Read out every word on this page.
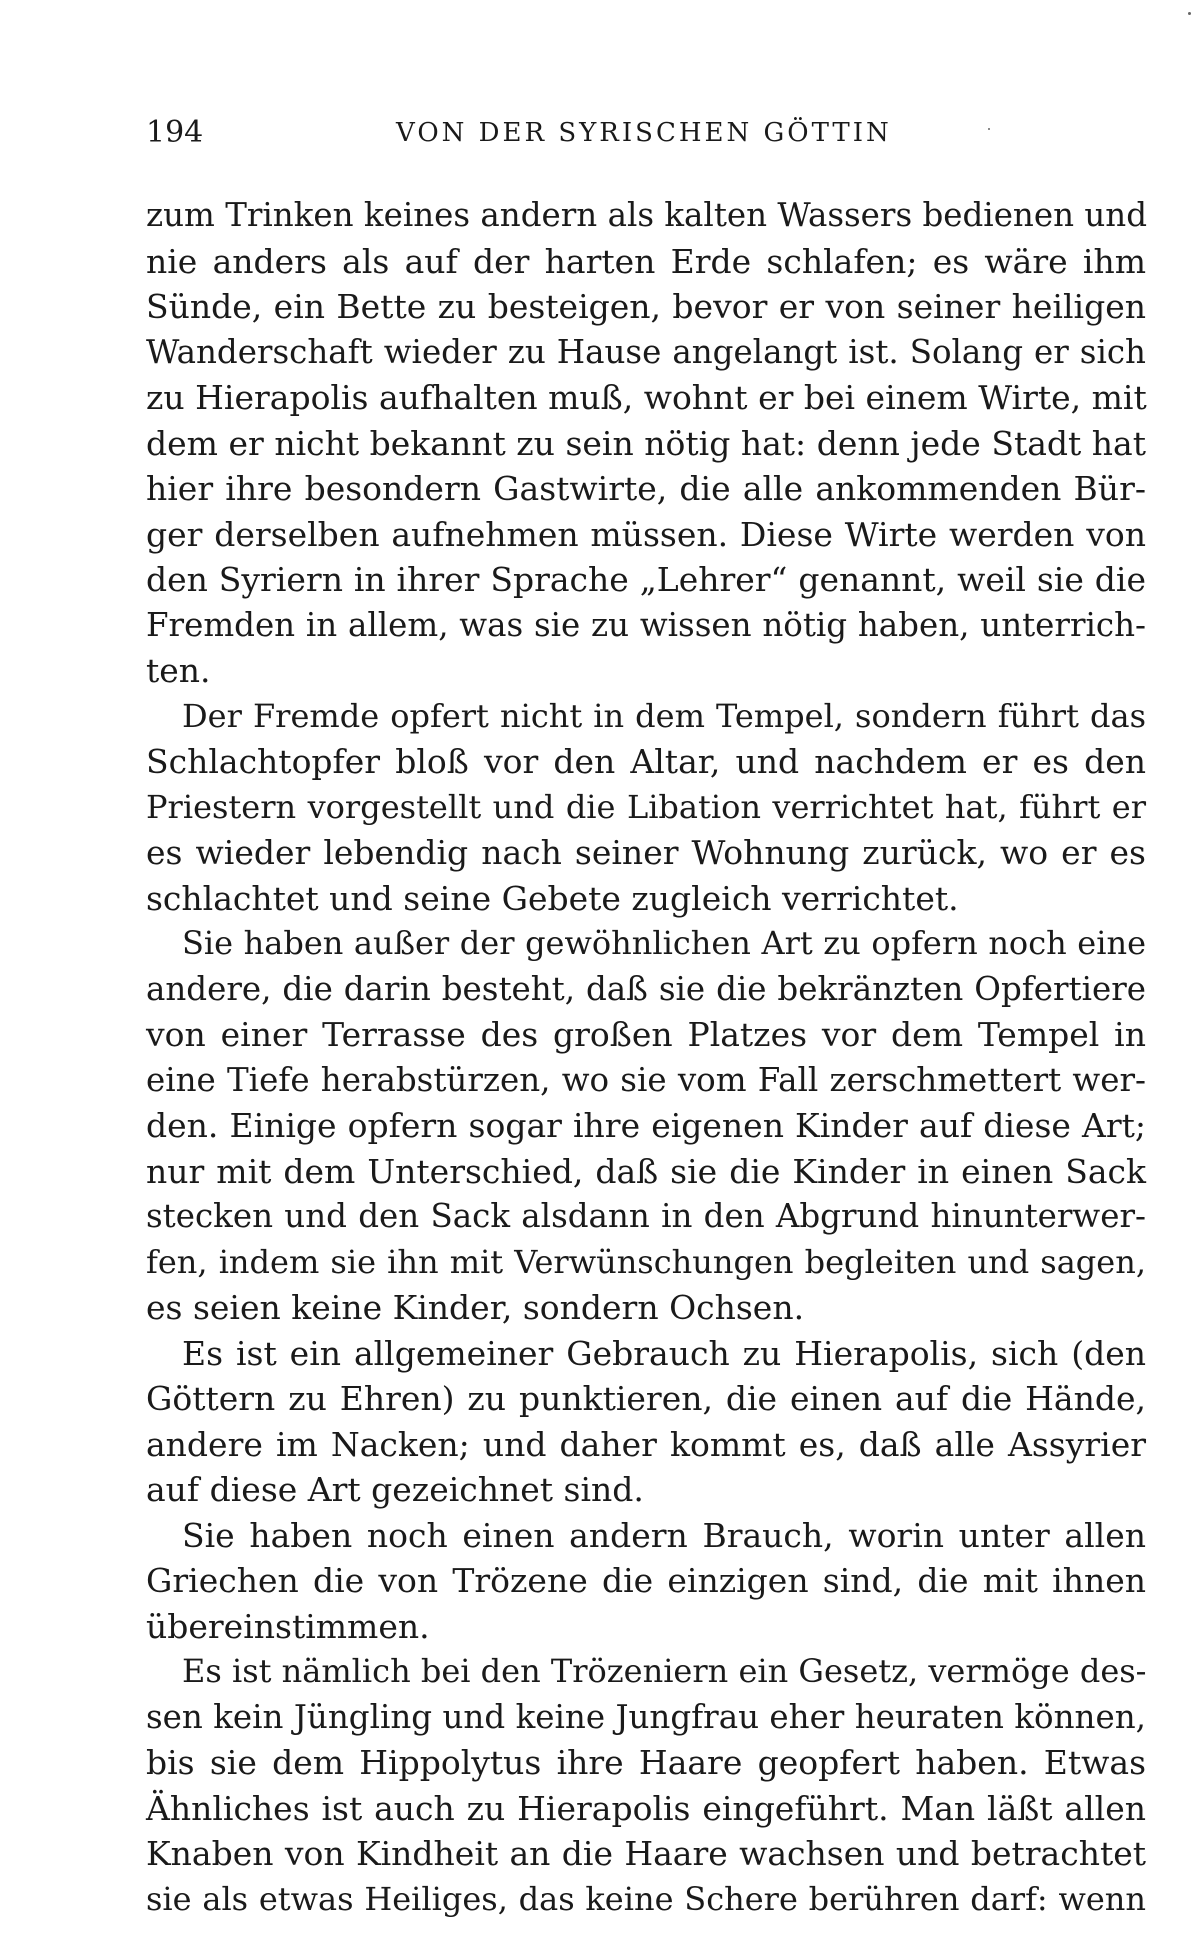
194	VON DER SYRISCHEN GÖTTIN
zum Trinken keines andern als kalten Wassers bedienen und
nie anders als auf der harten Erde schlafen; es wäre ihm
Sünde, ein Bette zu besteigen, bevor er von seiner heiligen
Wanderschaft wieder zu Hause angelangt ist. Solang er sich
zu Hierapolis aufhalten muß, wohnt er bei einem Wirte, mit
dem er nicht bekannt zu sein nötig hat: denn jede Stadt hat
hier ihre besondern Gastwirte, die alle ankommenden Bür-
ger derselben aufnehmen müssen. Diese Wirte werden von
den Syriern in ihrer Sprache „Lehrer“ genannt, weil sie die
Fremden in allem, was sie zu wissen nötig haben, unterrich-
ten.
Der Fremde opfert nicht in dem Tempel, sondern führt das
Schlachtopfer bloß vor den Altar, und nachdem er es den
Priestern vorgestellt und die Libation verrichtet hat, führt er
es wieder lebendig nach seiner Wohnung zurück, wo er es
schlachtet und seine Gebete zugleich verrichtet.
Sie haben außer der gewöhnlichen Art zu opfern noch eine
andere, die darin besteht, daß sie die bekränzten Opfertiere
von einer Terrasse des großen Platzes vor dem Tempel in
eine Tiefe herabstürzen, wo sie vom Fall zerschmettert wer-
den. Einige opfern sogar ihre eigenen Kinder auf diese Art;
nur mit dem Unterschied, daß sie die Kinder in einen Sack
stecken und den Sack alsdann in den Abgrund hinunterwer-
fen, indem sie ihn mit Verwünschungen begleiten und sagen,
es seien keine Kinder, sondern Ochsen.
Es ist ein allgemeiner Gebrauch zu Hierapolis, sich (den
Göttern zu Ehren) zu punktieren, die einen auf die Hände,
andere im Nacken; und daher kommt es, daß alle Assyrier
auf diese Art gezeichnet sind.
Sie haben noch einen andern Brauch, worin unter allen
Griechen die von Trözene die einzigen sind, die mit ihnen
übereinstimmen.
Es ist nämlich bei den Trözeniern ein Gesetz, vermöge des-
sen kein Jüngling und keine Jungfrau eher heuraten können,
bis sie dem Hippolytus ihre Haare geopfert haben. Etwas
Ähnliches ist auch zu Hierapolis eingeführt. Man läßt allen
Knaben von Kindheit an die Haare wachsen und betrachtet
sie als etwas Heiliges, das keine Schere berühren darf: wenn
